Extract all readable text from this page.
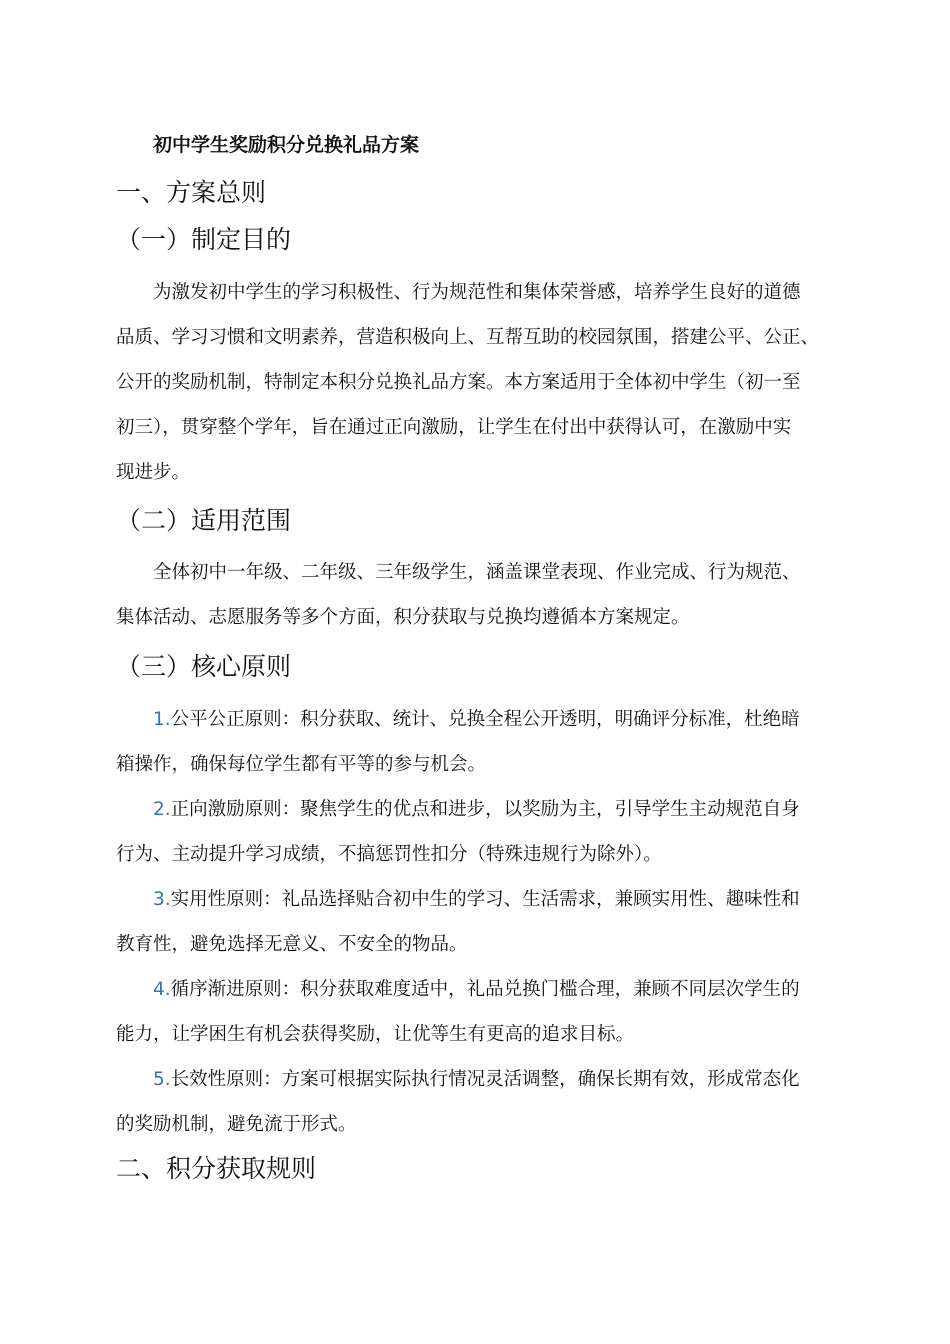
初中学生奖励积分兑换礼品方案
一、方案总则
（一）制定目的
为激发初中学生的学习积极性、行为规范性和集体荣誉感，培养学生良好的道德
品质、学习习惯和文明素养，营造积极向上、互帮互助的校园氛围，搭建公平、公正、
公开的奖励机制，特制定本积分兑换礼品方案。本方案适用于全体初中学生（初一至
初三），贯穿整个学年，旨在通过正向激励，让学生在付出中获得认可，在激励中实
现进步。
（二）适用范围
全体初中一年级、二年级、三年级学生，涵盖课堂表现、作业完成、行为规范、
集体活动、志愿服务等多个方面，积分获取与兑换均遵循本方案规定。
（三）核心原则
1.公平公正原则：积分获取、统计、兑换全程公开透明，明确评分标准，杜绝暗
箱操作，确保每位学生都有平等的参与机会。
2.正向激励原则：聚焦学生的优点和进步，以奖励为主，引导学生主动规范自身
行为、主动提升学习成绩，不搞惩罚性扣分（特殊违规行为除外）。
3.实用性原则：礼品选择贴合初中生的学习、生活需求，兼顾实用性、趣味性和
教育性，避免选择无意义、不安全的物品。
4.循序渐进原则：积分获取难度适中，礼品兑换门槛合理，兼顾不同层次学生的
能力，让学困生有机会获得奖励，让优等生有更高的追求目标。
5.长效性原则：方案可根据实际执行情况灵活调整，确保长期有效，形成常态化
的奖励机制，避免流于形式。
二、积分获取规则
